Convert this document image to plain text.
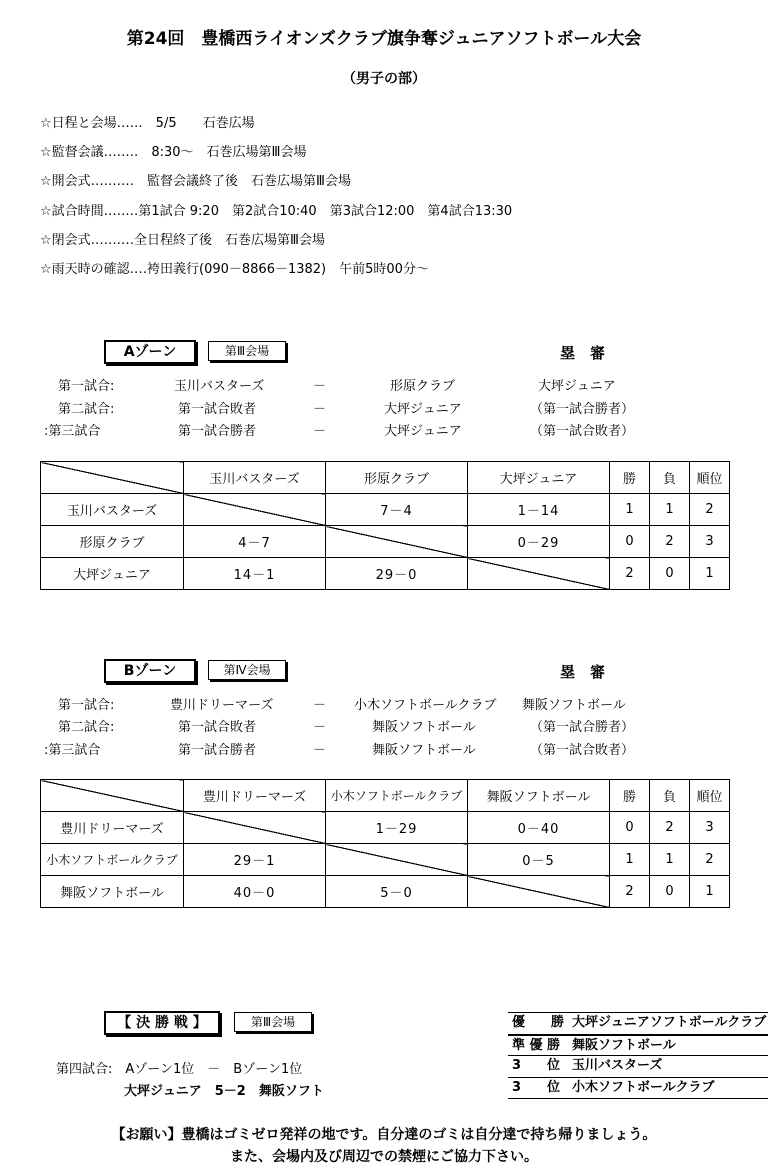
第24回　豊橋西ライオンズクラブ旗争奪ジュニアソフトボール大会
（男子の部）
☆日程と会場‥‥‥　5/5　　石巻広場
☆監督会議‥‥‥‥　8:30～　石巻広場第Ⅲ会場
☆開会式‥‥‥‥‥　監督会議終了後　石巻広場第Ⅲ会場
☆試合時間‥‥‥‥第1試合 9:20　第2試合10:40　第3試合12:00　第4試合13:30
☆閉会式‥‥‥‥‥全日程終了後　石巻広場第Ⅲ会場
☆雨天時の確認‥‥袴田義行(090－8866－1382)　午前5時00分～
Aゾーン	第Ⅲ会場	塁　審
第一試合:	玉川バスターズ	－	形原クラブ	大坪ジュニア
第二試合:	第一試合敗者	－	大坪ジュニア	（第一試合勝者）
第三試合:	第一試合勝者	－	大坪ジュニア	（第一試合敗者）
	玉川バスターズ	形原クラブ	大坪ジュニア	勝	負	順位
玉川バスターズ		7－4	1－14	1	1	2
形原クラブ	4－7		0－29	0	2	3
大坪ジュニア	14－1	29－0		2	0	1
Bゾーン	第Ⅳ会場	塁　審
第一試合:	豊川ドリーマーズ	－ 小木ソフトボールクラブ 舞阪ソフトボール
第二試合:	第一試合敗者	－	舞阪ソフトボール	（第一試合勝者）
第三試合:	第一試合勝者	－	舞阪ソフトボール	（第一試合敗者）
	豊川ドリーマーズ	小木ソフトボールクラブ	舞阪ソフトボール	勝	負	順位
豊川ドリーマーズ		1－29	0－40	0	2	3
小木ソフトボールクラブ	29－1		0－5	1	1	2
舞阪ソフトボール	40－0	5－0		2	0	1
【 決 勝 戦 】	第Ⅲ会場
第四試合:　Aゾーン1位　－　Bゾーン1位
大坪ジュニア　5－2　舞阪ソフト
優　　勝 大坪ジュニアソフトボールクラブ
準 優 勝 舞阪ソフトボール
3　　位 玉川バスターズ
3　　位 小木ソフトボールクラブ
【お願い】豊橋はゴミゼロ発祥の地です。自分達のゴミは自分達で持ち帰りましょう。
また、会場内及び周辺での禁煙にご協力下さい。
